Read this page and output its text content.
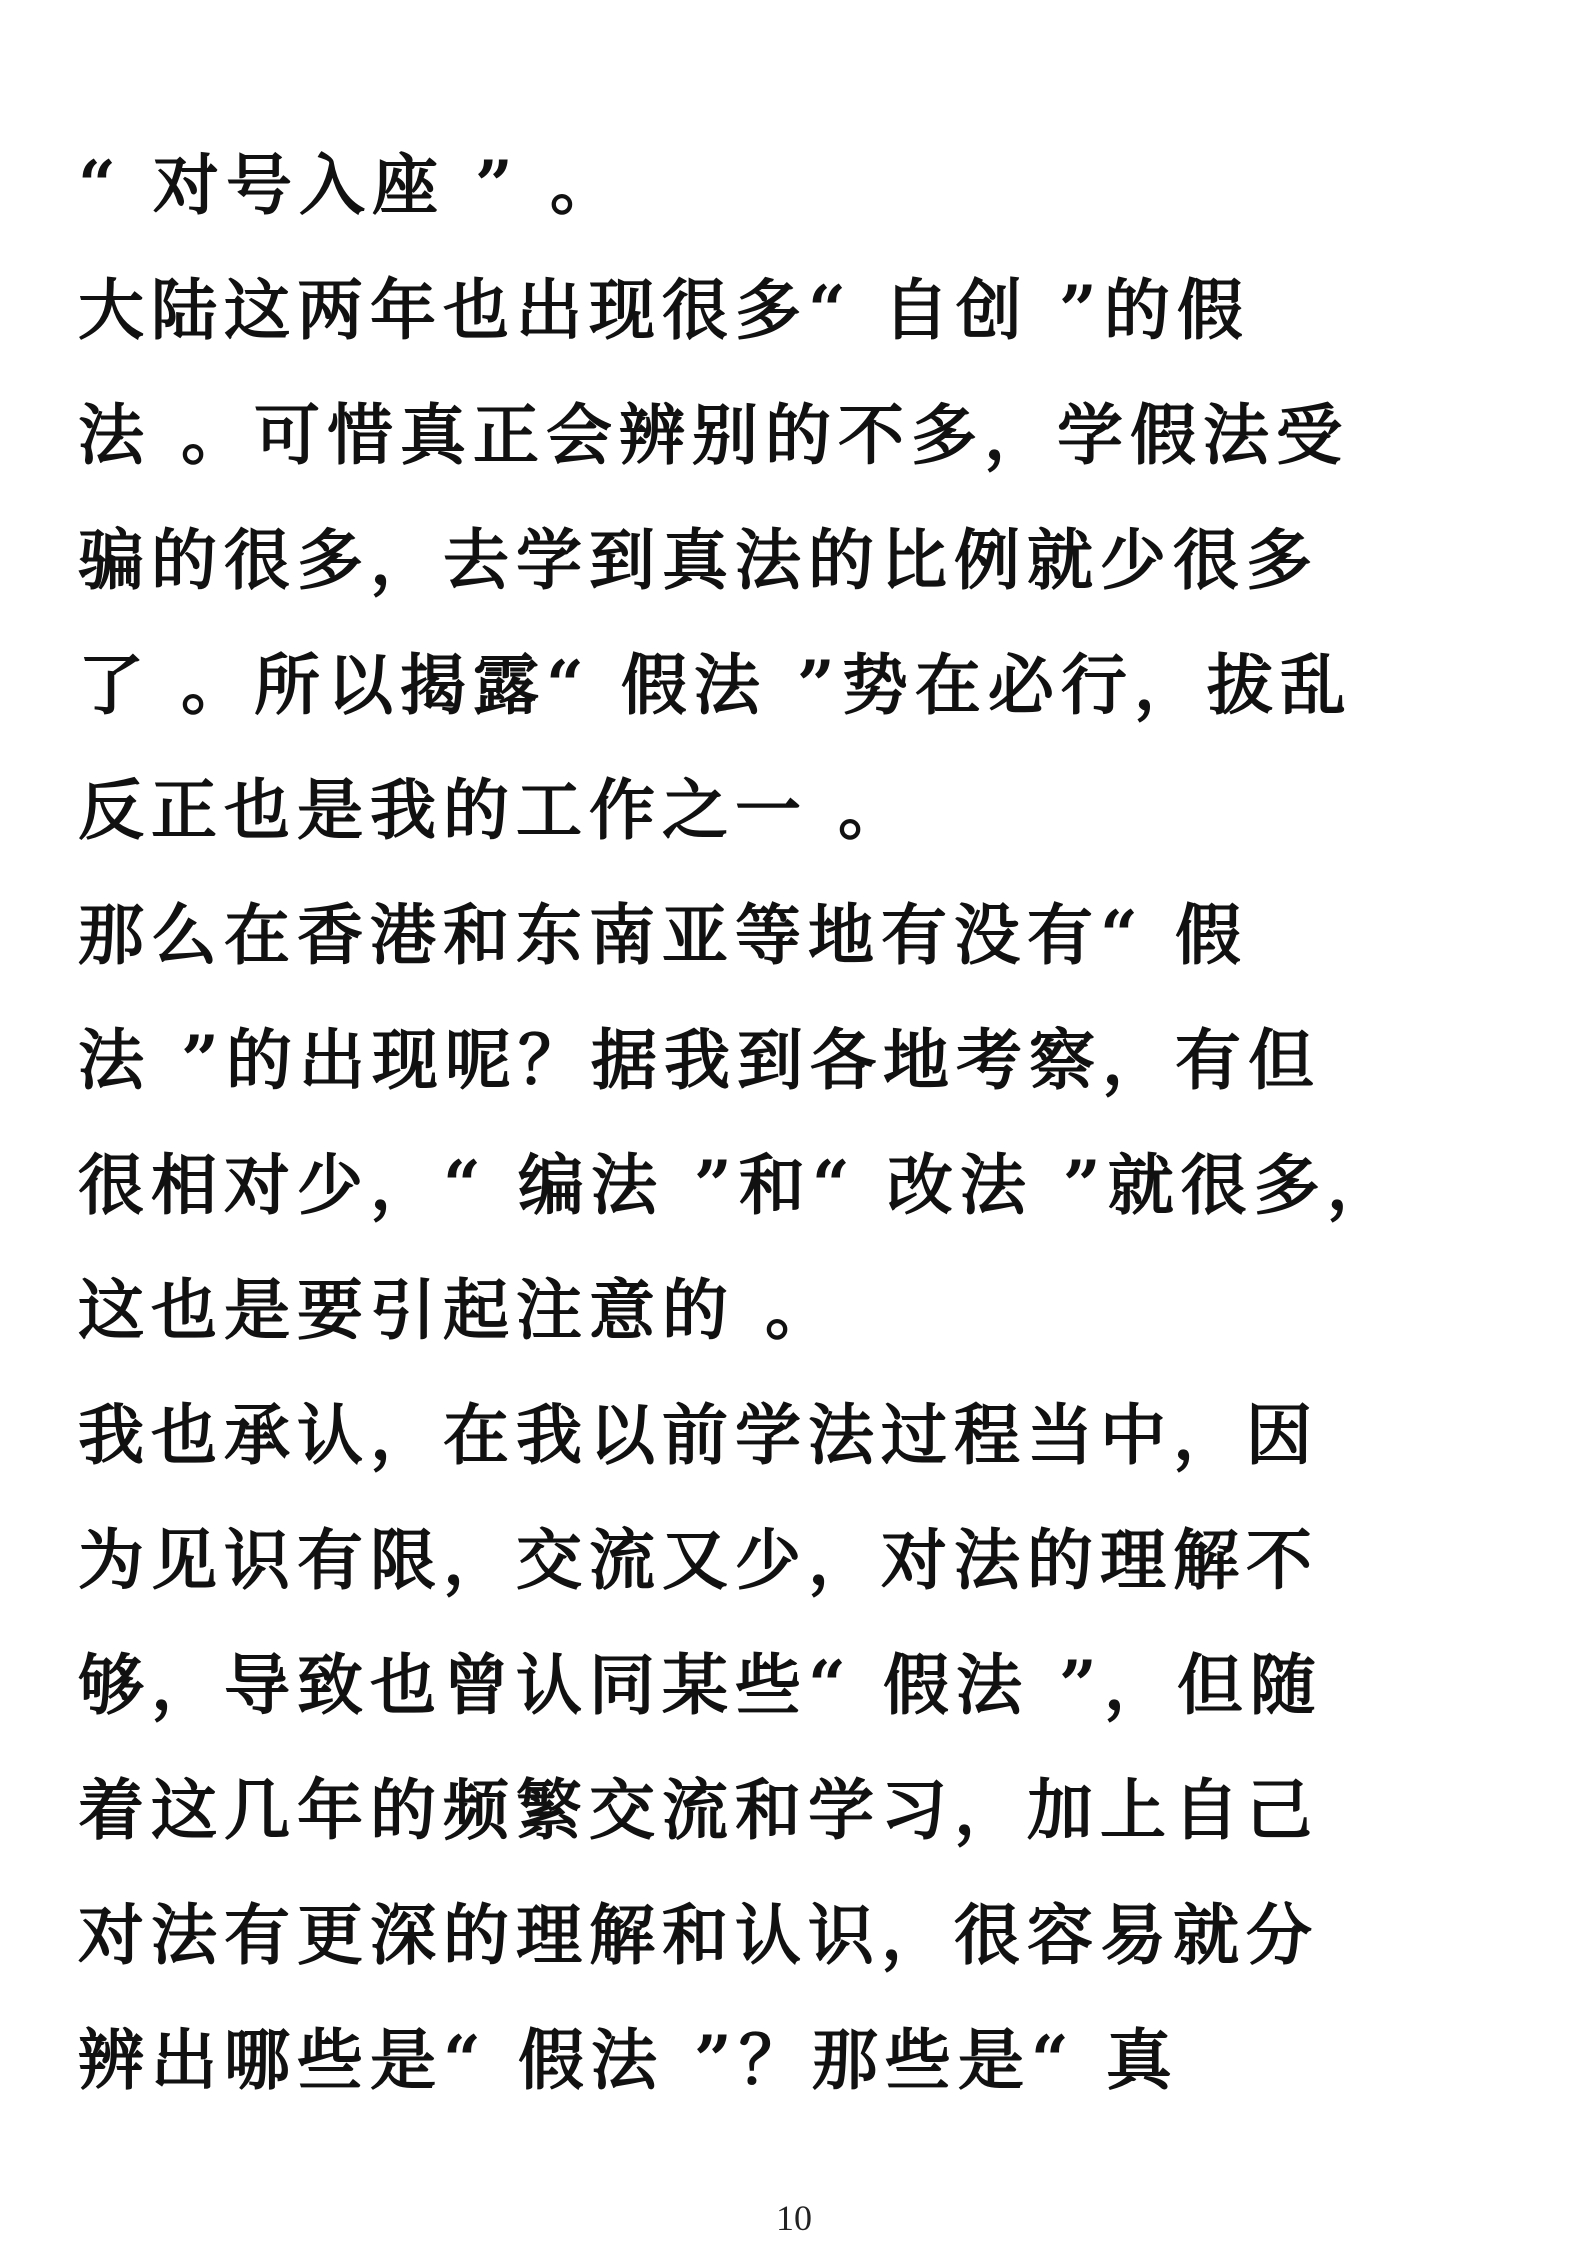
“ 对号入座 ” 。
大陆这两年也出现很多“ 自创 ”的假
法 。可惜真正会辨别的不多，学假法受
骗的很多，去学到真法的比例就少很多
了 。所以揭露“ 假法 ”势在必行，拔乱
反正也是我的工作之一 。
那么在香港和东南亚等地有没有“ 假
法 ”的出现呢？据我到各地考察，有但
很相对少，“ 编法 ”和“ 改法 ”就很多，
这也是要引起注意的 。
我也承认，在我以前学法过程当中，因
为见识有限，交流又少，对法的理解不
够，导致也曾认同某些“ 假法 ”，但随
着这几年的频繁交流和学习，加上自己
对法有更深的理解和认识，很容易就分
辨出哪些是“ 假法 ”？那些是“ 真
10
